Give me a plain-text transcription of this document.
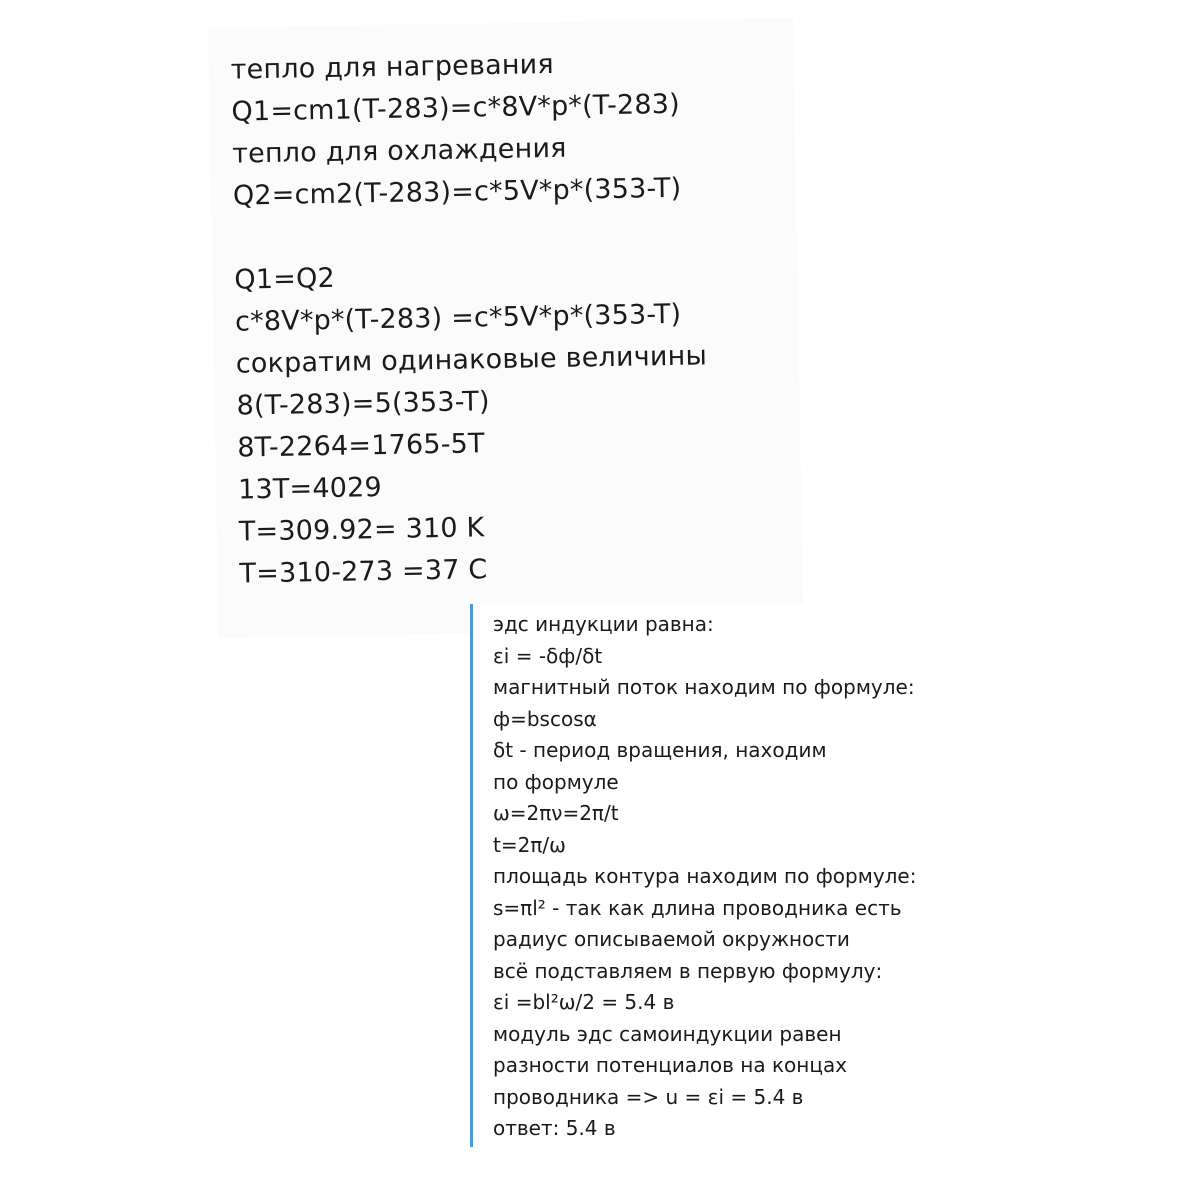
тепло для нагревания
Q1=cm1(T-283)=c*8V*p*(T-283)
тепло для охлаждения
Q2=cm2(T-283)=c*5V*p*(353-T)
Q1=Q2
c*8V*p*(T-283) =c*5V*p*(353-T)
сократим одинаковые величины
8(T-283)=5(353-T)
8T-2264=1765-5T
13T=4029
T=309.92= 310 K
T=310-273 =37 C
эдс индукции равна:
εi = -δф/δt
магнитный поток находим по формуле:
ф=bscosα
δt - период вращения, находим
по формуле
ω=2πν=2π/t
t=2π/ω
площадь контура находим по формуле:
s=πl² - так как длина проводника есть
радиус описываемой окружности
всё подставляем в первую формулу:
εi =bl²ω/2 = 5.4 в
модуль эдс самоиндукции равен
разности потенциалов на концах
проводника => u = εi = 5.4 в
ответ: 5.4 в
